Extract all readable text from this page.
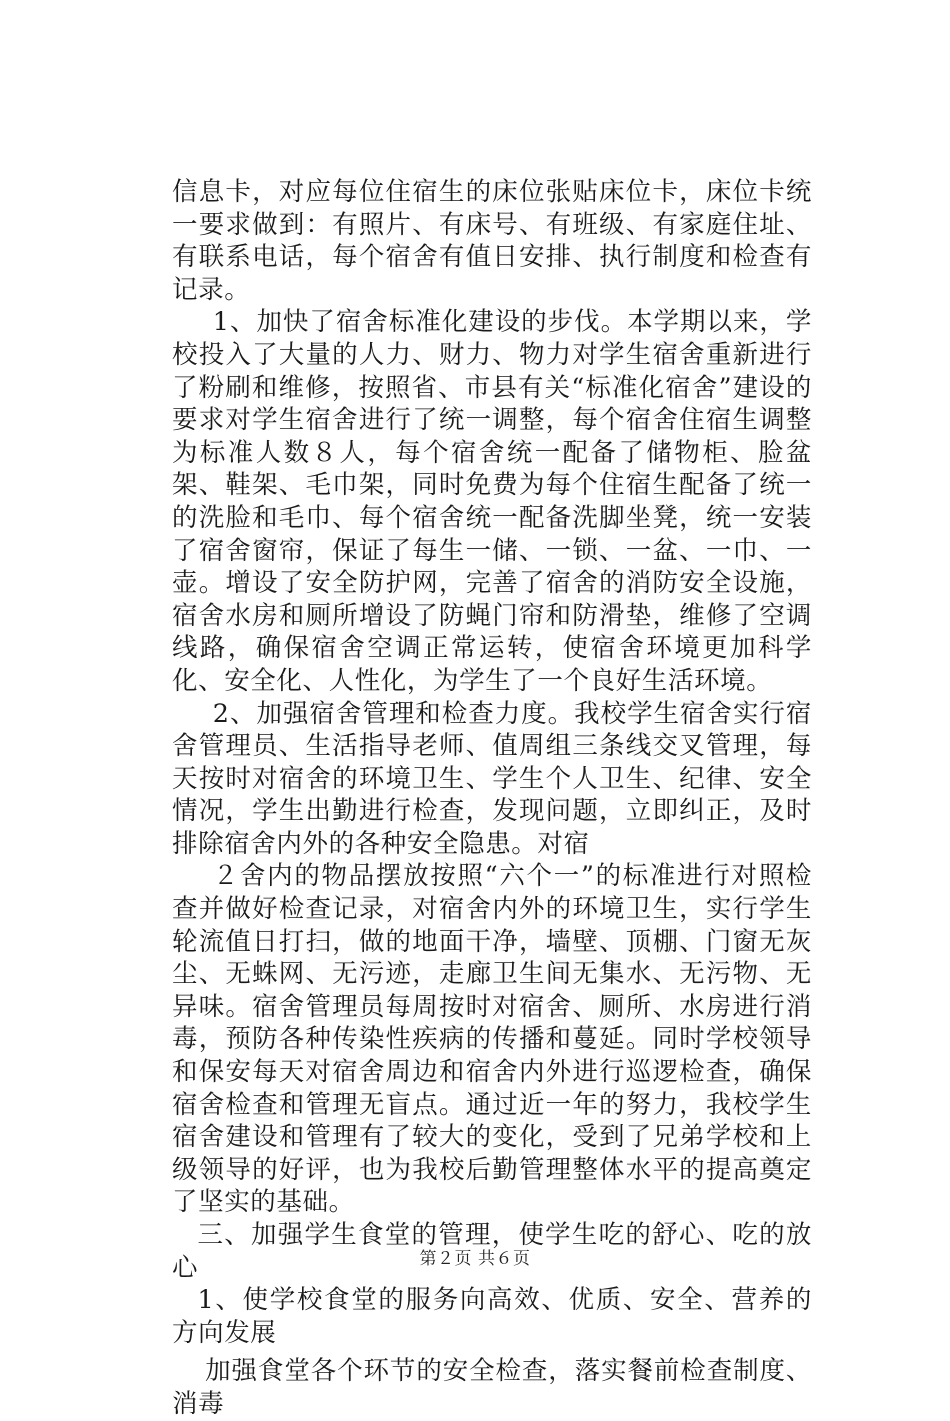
信息卡，对应每位住宿生的床位张贴床位卡，床位卡统一要求做到：有照片、有床号、有班级、有家庭住址、有联系电话，每个宿舍有值日安排、执行制度和检查有记录。

1、加快了宿舍标准化建设的步伐。本学期以来，学校投入了大量的人力、财力、物力对学生宿舍重新进行了粉刷和维修，按照省、市县有关“标准化宿舍”建设的要求对学生宿舍进行了统一调整，每个宿舍住宿生调整为标准人数８人，每个宿舍统一配备了储物柜、脸盆架、鞋架、毛巾架，同时免费为每个住宿生配备了统一的洗脸和毛巾、每个宿舍统一配备洗脚坐凳，统一安装了宿舍窗帘，保证了每生一储、一锁、一盆、一巾、一壶。增设了安全防护网，完善了宿舍的消防安全设施，宿舍水房和厕所增设了防蝇门帘和防滑垫，维修了空调线路，确保宿舍空调正常运转，使宿舍环境更加科学化、安全化、人性化，为学生了一个良好生活环境。

2、加强宿舍管理和检查力度。我校学生宿舍实行宿舍管理员、生活指导老师、值周组三条线交叉管理，每天按时对宿舍的环境卫生、学生个人卫生、纪律、安全情况，学生出勤进行检查，发现问题，立即纠正，及时排除宿舍内外的各种安全隐患。对宿

２舍内的物品摆放按照“六个一”的标准进行对照检查并做好检查记录，对宿舍内外的环境卫生，实行学生轮流值日打扫，做的地面干净，墙壁、顶棚、门窗无灰尘、无蛛网、无污迹，走廊卫生间无集水、无污物、无异味。宿舍管理员每周按时对宿舍、厕所、水房进行消毒，预防各种传染性疾病的传播和蔓延。同时学校领导和保安每天对宿舍周边和宿舍内外进行巡逻检查，确保宿舍检查和管理无盲点。通过近一年的努力，我校学生宿舍建设和管理有了较大的变化，受到了兄弟学校和上级领导的好评，也为我校后勤管理整体水平的提高奠定了坚实的基础。

三、加强学生食堂的管理，使学生吃的舒心、吃的放心

1、使学校食堂的服务向高效、优质、安全、营养的方向发展

加强食堂各个环节的安全检查，落实餐前检查制度、消毒

第２页 共６页
